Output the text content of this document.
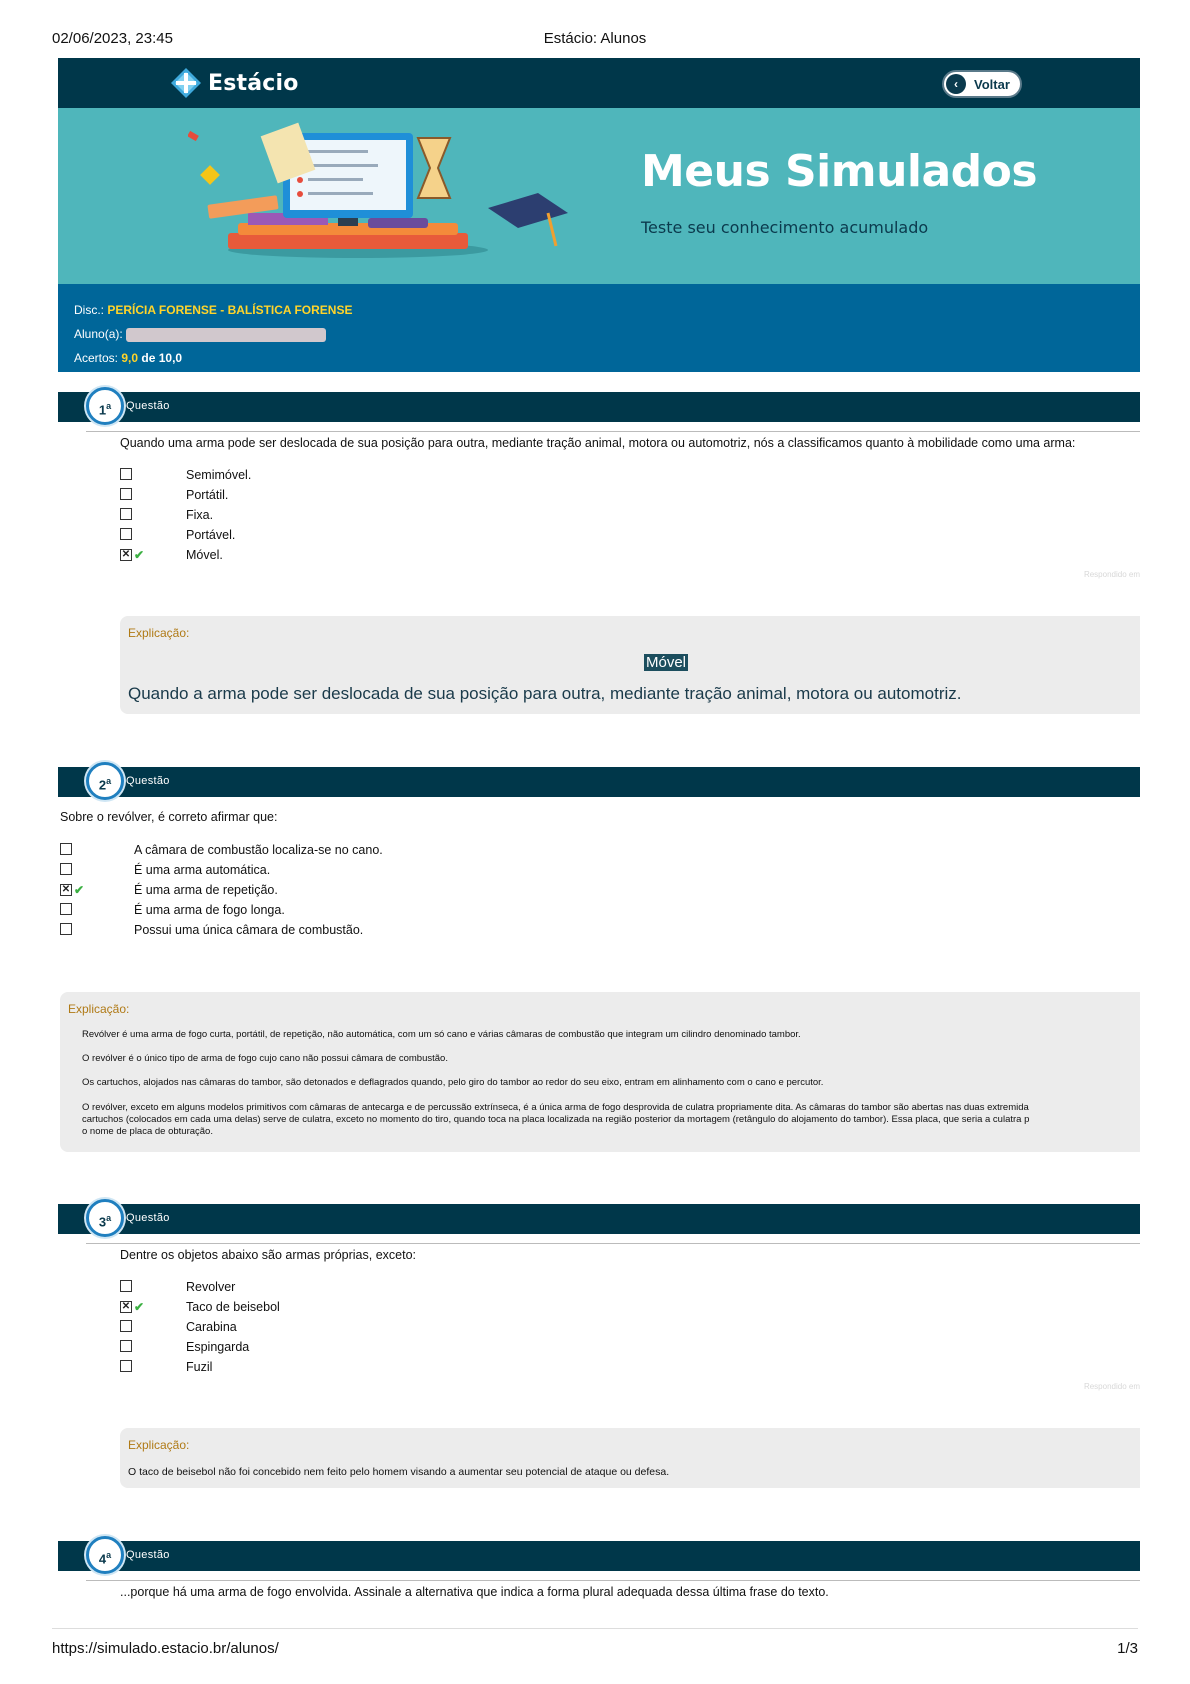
02/06/2023, 23:45	Estácio: Alunos
Estácio	‹	Voltar
Meus Simulados
Teste seu conhecimento acumulado
Disc.: PERÍCIA FORENSE - BALÍSTICA FORENSE
Aluno(a):
Acertos: 9,0 de 10,0
1$^a$	Questão
Quando uma arma pode ser deslocada de sua posição para outra, mediante tração animal, motora ou automotriz, nós a classificamos quanto à mobilidade como uma arma:
Semimóvel.
Portátil.
Fixa.
Portável.
✕ ✔	Móvel.
Respondido em
Explicação:
Móvel
Quando a arma pode ser deslocada de sua posição para outra, mediante tração animal, motora ou automotriz.
2$^a$	Questão
Sobre o revólver, é correto afirmar que:
A câmara de combustão localiza-se no cano.
É uma arma automática.
✕ ✔	É uma arma de repetição.
É uma arma de fogo longa.
Possui uma única câmara de combustão.
Explicação:
Revólver é uma arma de fogo curta, portátil, de repetição, não automática, com um só cano e várias câmaras de combustão que integram um cilindro denominado tambor.
O revólver é o único tipo de arma de fogo cujo cano não possui câmara de combustão.
Os cartuchos, alojados nas câmaras do tambor, são detonados e deflagrados quando, pelo giro do tambor ao redor do seu eixo, entram em alinhamento com o cano e percutor.
O revólver, exceto em alguns modelos primitivos com câmaras de antecarga e de percussão extrínseca, é a única arma de fogo desprovida de culatra propriamente dita. As câmaras do tambor são abertas nas duas extremida
cartuchos (colocados em cada uma delas) serve de culatra, exceto no momento do tiro, quando toca na placa localizada na região posterior da mortagem (retângulo do alojamento do tambor). Essa placa, que seria a culatra p
o nome de placa de obturação.
3$^a$	Questão
Dentre os objetos abaixo são armas próprias, exceto:
Revolver
✕ ✔	Taco de beisebol
Carabina
Espingarda
Fuzil
Respondido em
Explicação:
O taco de beisebol não foi concebido nem feito pelo homem visando a aumentar seu potencial de ataque ou defesa.
4$^a$	Questão
...porque há uma arma de fogo envolvida. Assinale a alternativa que indica a forma plural adequada dessa última frase do texto.
https://simulado.estacio.br/alunos/	1/3
